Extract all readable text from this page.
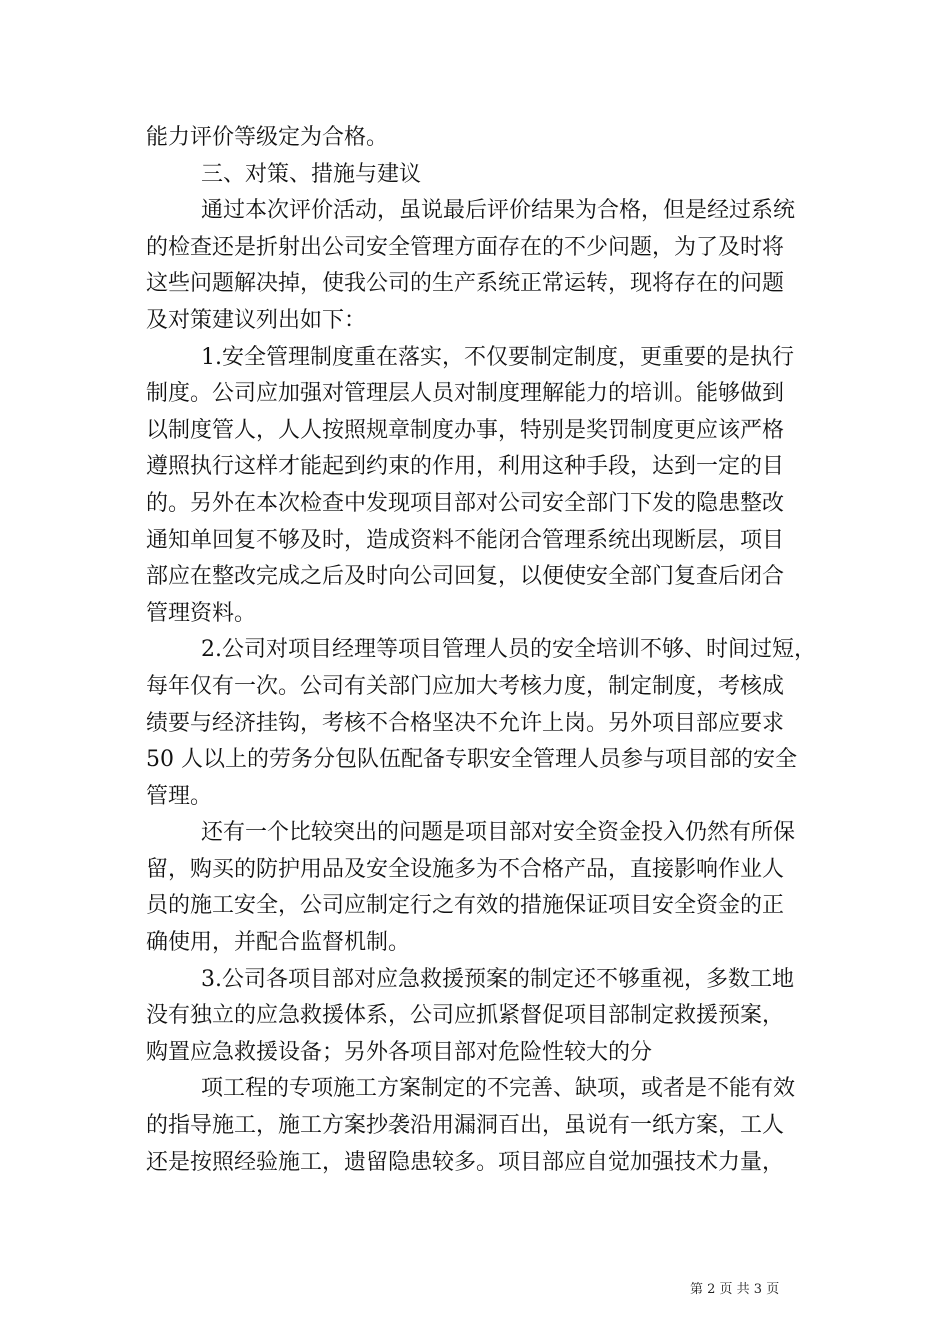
能力评价等级定为合格。
三、对策、措施与建议
通过本次评价活动，虽说最后评价结果为合格，但是经过系统
的检查还是折射出公司安全管理方面存在的不少问题，为了及时将
这些问题解决掉，使我公司的生产系统正常运转，现将存在的问题
及对策建议列出如下：
1.安全管理制度重在落实，不仅要制定制度，更重要的是执行
制度。公司应加强对管理层人员对制度理解能力的培训。能够做到
以制度管人，人人按照规章制度办事，特别是奖罚制度更应该严格
遵照执行这样才能起到约束的作用，利用这种手段，达到一定的目
的。另外在本次检查中发现项目部对公司安全部门下发的隐患整改
通知单回复不够及时，造成资料不能闭合管理系统出现断层，项目
部应在整改完成之后及时向公司回复，以便使安全部门复查后闭合
管理资料。
2.公司对项目经理等项目管理人员的安全培训不够、时间过短，
每年仅有一次。公司有关部门应加大考核力度，制定制度，考核成
绩要与经济挂钩，考核不合格坚决不允许上岗。另外项目部应要求
50 人以上的劳务分包队伍配备专职安全管理人员参与项目部的安全
管理。
还有一个比较突出的问题是项目部对安全资金投入仍然有所保
留，购买的防护用品及安全设施多为不合格产品，直接影响作业人
员的施工安全，公司应制定行之有效的措施保证项目安全资金的正
确使用，并配合监督机制。
3.公司各项目部对应急救援预案的制定还不够重视，多数工地
没有独立的应急救援体系，公司应抓紧督促项目部制定救援预案，
购置应急救援设备；另外各项目部对危险性较大的分
项工程的专项施工方案制定的不完善、缺项，或者是不能有效
的指导施工，施工方案抄袭沿用漏洞百出，虽说有一纸方案，工人
还是按照经验施工，遗留隐患较多。项目部应自觉加强技术力量，
第 2 页 共 3 页
